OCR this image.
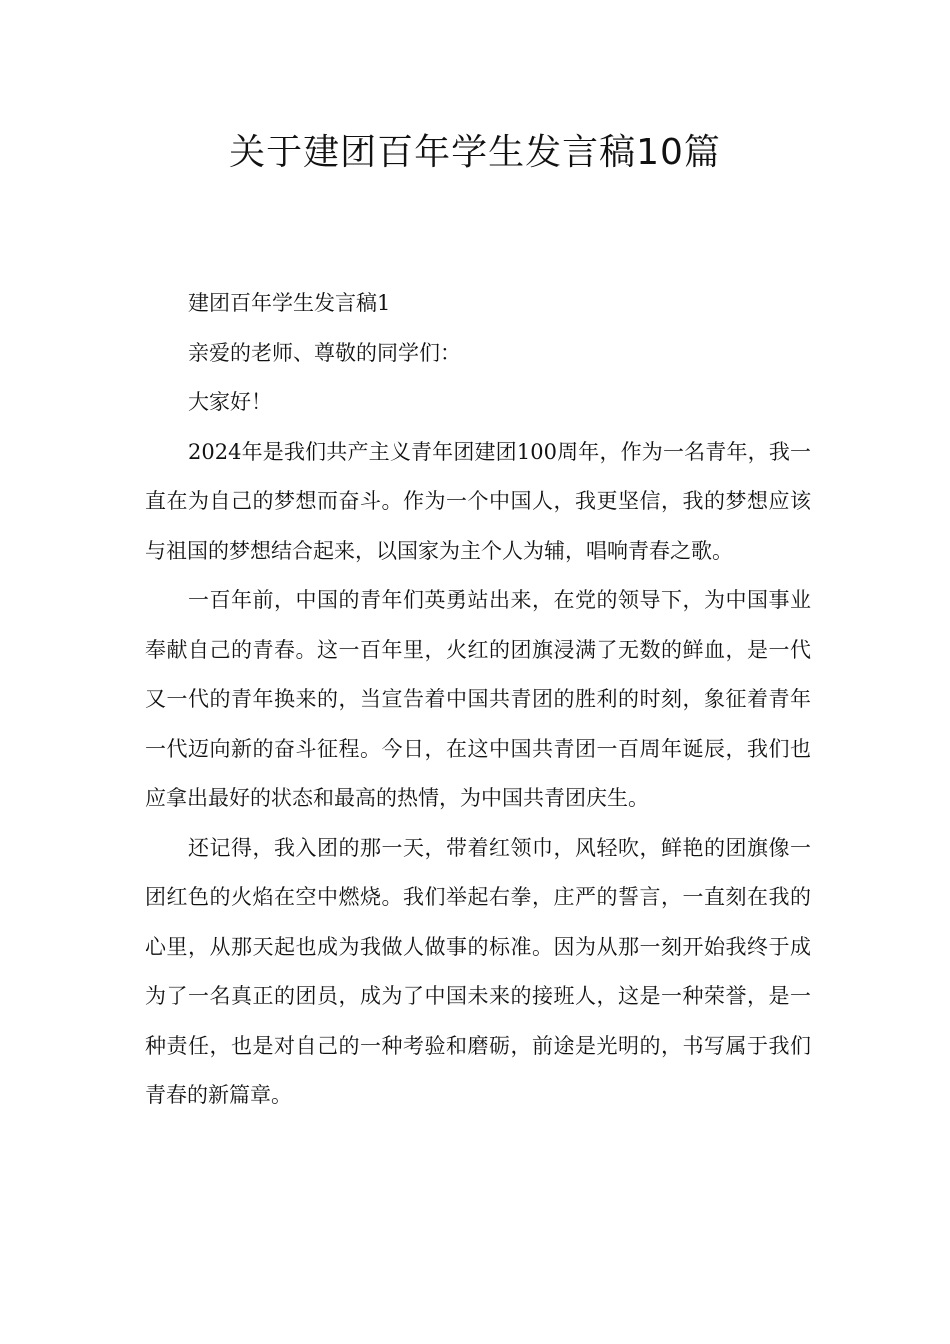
关于建团百年学生发言稿10篇

建团百年学生发言稿1

亲爱的老师、尊敬的同学们：

大家好！

2024年是我们共产主义青年团建团100周年，作为一名青年，我一直在为自己的梦想而奋斗。作为一个中国人，我更坚信，我的梦想应该与祖国的梦想结合起来，以国家为主个人为辅，唱响青春之歌。

一百年前，中国的青年们英勇站出来，在党的领导下，为中国事业奉献自己的青春。这一百年里，火红的团旗浸满了无数的鲜血，是一代又一代的青年换来的，当宣告着中国共青团的胜利的时刻，象征着青年一代迈向新的奋斗征程。今日，在这中国共青团一百周年诞辰，我们也应拿出最好的状态和最高的热情，为中国共青团庆生。

还记得，我入团的那一天，带着红领巾，风轻吹，鲜艳的团旗像一团红色的火焰在空中燃烧。我们举起右拳，庄严的誓言，一直刻在我的心里，从那天起也成为我做人做事的标准。因为从那一刻开始我终于成为了一名真正的团员，成为了中国未来的接班人，这是一种荣誉，是一种责任，也是对自己的一种考验和磨砺，前途是光明的，书写属于我们青春的新篇章。
